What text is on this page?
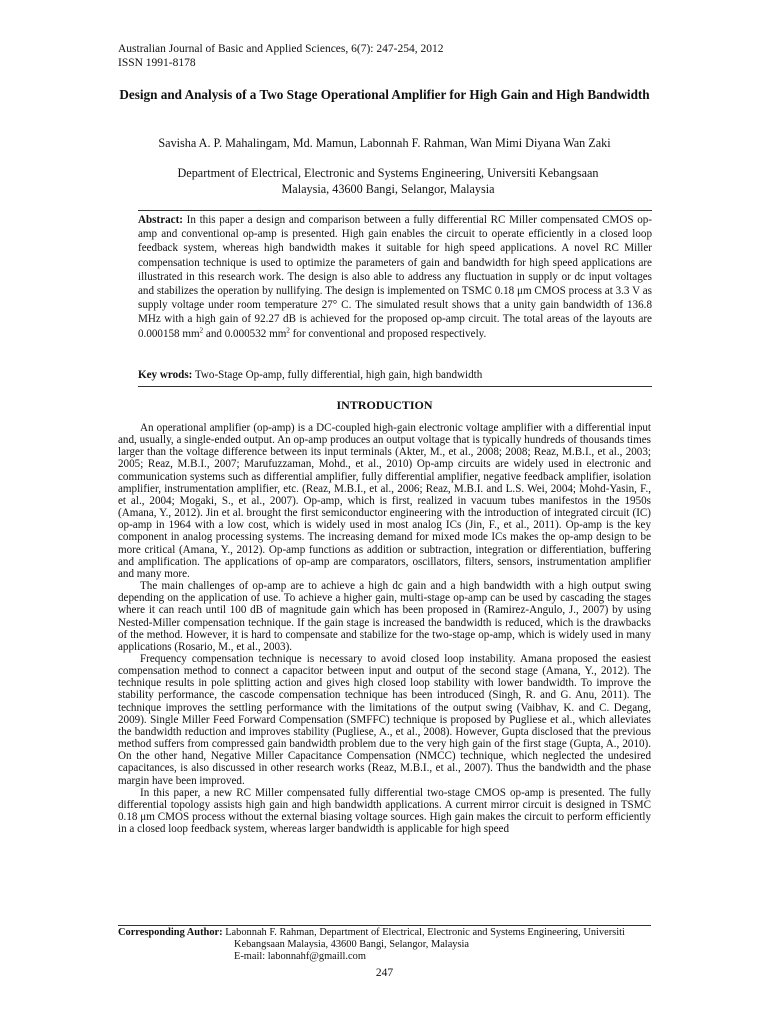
Australian Journal of Basic and Applied Sciences, 6(7): 247-254, 2012
ISSN 1991-8178
Design and Analysis of a Two Stage Operational Amplifier for High Gain and High Bandwidth
Savisha A. P. Mahalingam, Md. Mamun, Labonnah F. Rahman, Wan Mimi Diyana Wan Zaki
Department of Electrical, Electronic and Systems Engineering, Universiti Kebangsaan
Malaysia, 43600 Bangi, Selangor, Malaysia
Abstract: In this paper a design and comparison between a fully differential RC Miller compensated CMOS op-amp and conventional op-amp is presented. High gain enables the circuit to operate efficiently in a closed loop feedback system, whereas high bandwidth makes it suitable for high speed applications. A novel RC Miller compensation technique is used to optimize the parameters of gain and bandwidth for high speed applications are illustrated in this research work. The design is also able to address any fluctuation in supply or dc input voltages and stabilizes the operation by nullifying. The design is implemented on TSMC 0.18 μm CMOS process at 3.3 V as supply voltage under room temperature 27° C. The simulated result shows that a unity gain bandwidth of 136.8 MHz with a high gain of 92.27 dB is achieved for the proposed op-amp circuit. The total areas of the layouts are 0.000158 $mm^2$ and 0.000532 $mm^2$ for conventional and proposed respectively.
Key wrods: Two-Stage Op-amp, fully differential, high gain, high bandwidth
INTRODUCTION

An operational amplifier (op-amp) is a DC-coupled high-gain electronic voltage amplifier with a differential input and, usually, a single-ended output. An op-amp produces an output voltage that is typically hundreds of thousands times larger than the voltage difference between its input terminals (Akter, M., et al., 2008; 2008; Reaz, M.B.I., et al., 2003; 2005; Reaz, M.B.I., 2007; Marufuzzaman, Mohd., et al., 2010) Op-amp circuits are widely used in electronic and communication systems such as differential amplifier, fully differential amplifier, negative feedback amplifier, isolation amplifier, instrumentation amplifier, etc. (Reaz, M.B.I., et al., 2006; Reaz, M.B.I. and L.S. Wei, 2004; Mohd-Yasin, F., et al., 2004; Mogaki, S., et al., 2007). Op-amp, which is first, realized in vacuum tubes manifestos in the 1950s (Amana, Y., 2012). Jin et al. brought the first semiconductor engineering with the introduction of integrated circuit (IC) op-amp in 1964 with a low cost, which is widely used in most analog ICs (Jin, F., et al., 2011). Op-amp is the key component in analog processing systems. The increasing demand for mixed mode ICs makes the op-amp design to be more critical (Amana, Y., 2012). Op-amp functions as addition or subtraction, integration or differentiation, buffering and amplification. The applications of op-amp are comparators, oscillators, filters, sensors, instrumentation amplifier and many more.

The main challenges of op-amp are to achieve a high dc gain and a high bandwidth with a high output swing depending on the application of use. To achieve a higher gain, multi-stage op-amp can be used by cascading the stages where it can reach until 100 dB of magnitude gain which has been proposed in (Ramirez-Angulo, J., 2007) by using Nested-Miller compensation technique. If the gain stage is increased the bandwidth is reduced, which is the drawbacks of the method. However, it is hard to compensate and stabilize for the two-stage op-amp, which is widely used in many applications (Rosario, M., et al., 2003).

Frequency compensation technique is necessary to avoid closed loop instability. Amana proposed the easiest compensation method to connect a capacitor between input and output of the second stage (Amana, Y., 2012). The technique results in pole splitting action and gives high closed loop stability with lower bandwidth. To improve the stability performance, the cascode compensation technique has been introduced (Singh, R. and G. Anu, 2011). The technique improves the settling performance with the limitations of the output swing (Vaibhav, K. and C. Degang, 2009). Single Miller Feed Forward Compensation (SMFFC) technique is proposed by Pugliese et al., which alleviates the bandwidth reduction and improves stability (Pugliese, A., et al., 2008). However, Gupta disclosed that the previous method suffers from compressed gain bandwidth problem due to the very high gain of the first stage (Gupta, A., 2010). On the other hand, Negative Miller Capacitance Compensation (NMCC) technique, which neglected the undesired capacitances, is also discussed in other research works (Reaz, M.B.I., et al., 2007). Thus the bandwidth and the phase margin have been improved.

In this paper, a new RC Miller compensated fully differential two-stage CMOS op-amp is presented. The fully differential topology assists high gain and high bandwidth applications. A current mirror circuit is designed in TSMC 0.18 μm CMOS process without the external biasing voltage sources. High gain makes the circuit to perform efficiently in a closed loop feedback system, whereas larger bandwidth is applicable for high speed

Corresponding Author: Labonnah F. Rahman, Department of Electrical, Electronic and Systems Engineering, Universiti
Kebangsaan Malaysia, 43600 Bangi, Selangor, Malaysia
E-mail: labonnahf@gmaill.com
247
